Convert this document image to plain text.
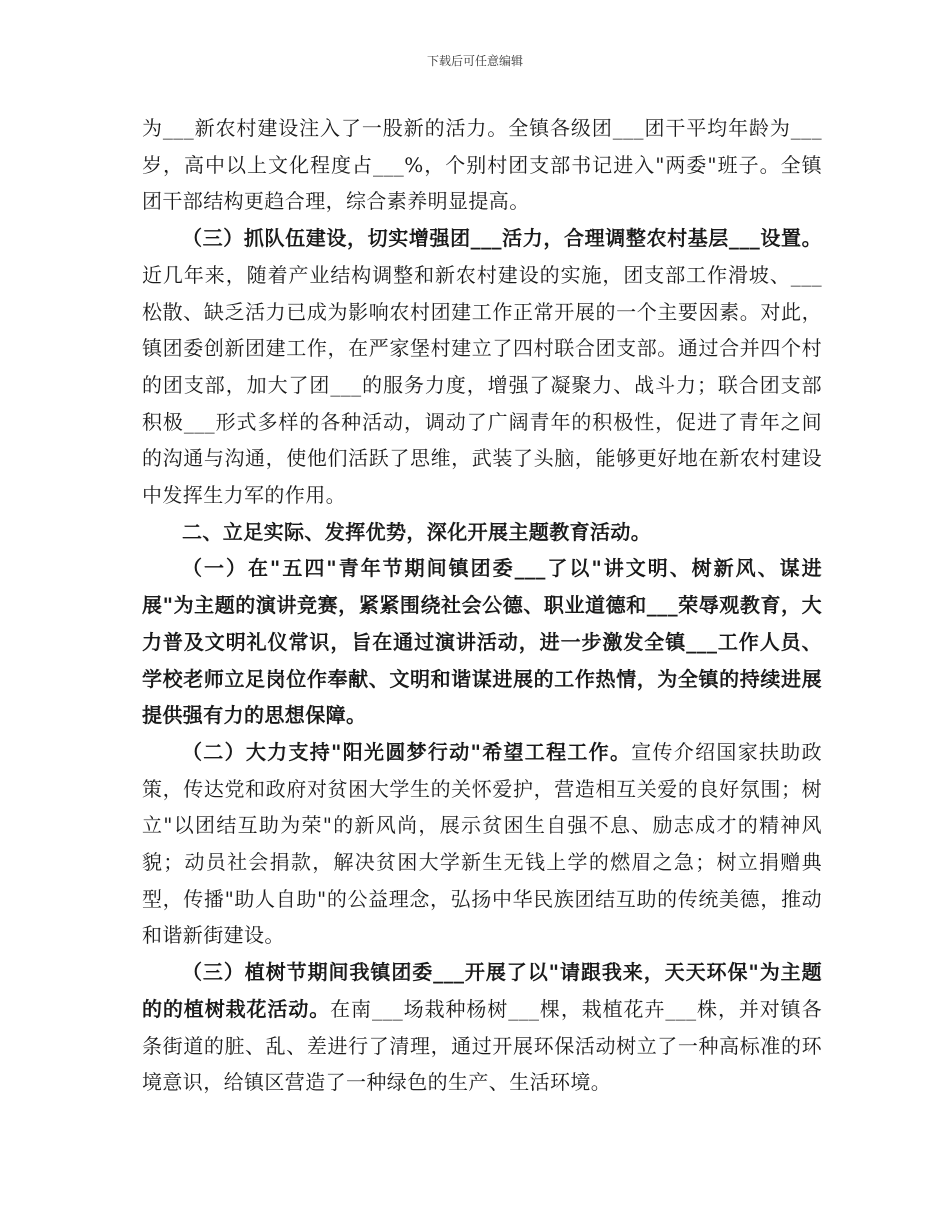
下载后可任意编辑

为___新农村建设注入了一股新的活力。全镇各级团___团干平均年龄为___岁，高中以上文化程度占___%，个别村团支部书记进入"两委"班子。全镇团干部结构更趋合理，综合素养明显提高。

（三）抓队伍建设，切实增强团___活力，合理调整农村基层___设置。近几年来，随着产业结构调整和新农村建设的实施，团支部工作滑坡、___松散、缺乏活力已成为影响农村团建工作正常开展的一个主要因素。对此，镇团委创新团建工作，在严家堡村建立了四村联合团支部。通过合并四个村的团支部，加大了团___的服务力度，增强了凝聚力、战斗力；联合团支部积极___形式多样的各种活动，调动了广阔青年的积极性，促进了青年之间的沟通与沟通，使他们活跃了思维，武装了头脑，能够更好地在新农村建设中发挥生力军的作用。

二、立足实际、发挥优势，深化开展主题教育活动。

（一）在"五四"青年节期间镇团委___了以"讲文明、树新风、谋进展"为主题的演讲竞赛，紧紧围绕社会公德、职业道德和___荣辱观教育，大力普及文明礼仪常识，旨在通过演讲活动，进一步激发全镇___工作人员、学校老师立足岗位作奉献、文明和谐谋进展的工作热情，为全镇的持续进展提供强有力的思想保障。

（二）大力支持"阳光圆梦行动"希望工程工作。宣传介绍国家扶助政策，传达党和政府对贫困大学生的关怀爱护，营造相互关爱的良好氛围；树立"以团结互助为荣"的新风尚，展示贫困生自强不息、励志成才的精神风貌；动员社会捐款，解决贫困大学新生无钱上学的燃眉之急；树立捐赠典型，传播"助人自助"的公益理念，弘扬中华民族团结互助的传统美德，推动和谐新街建设。

（三）植树节期间我镇团委___开展了以"请跟我来，天天环保"为主题的的植树栽花活动。在南___场栽种杨树___棵，栽植花卉___株，并对镇各条街道的脏、乱、差进行了清理，通过开展环保活动树立了一种高标准的环境意识，给镇区营造了一种绿色的生产、生活环境。
